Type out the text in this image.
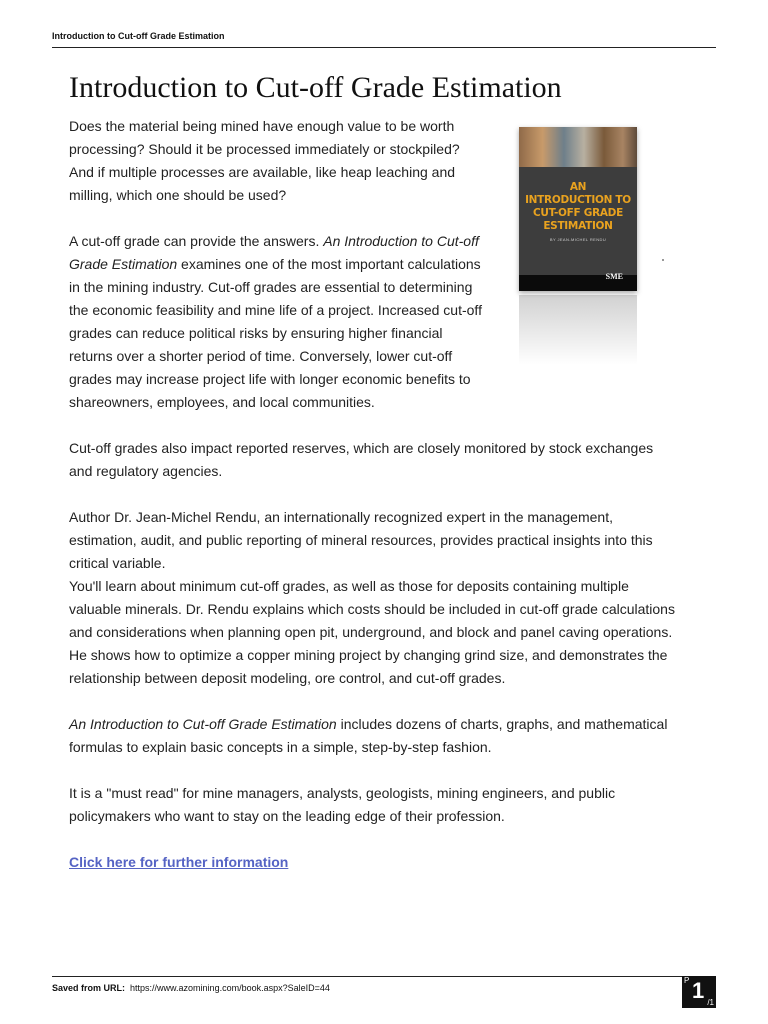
Introduction to Cut-off Grade Estimation
Introduction to Cut-off Grade Estimation
AN INTRODUCTION TO CUT-OFF GRADE ESTIMATION
BY JEAN-MICHEL RENDU
SME

Does the material being mined have enough value to be worth processing? Should it be processed immediately or stockpiled? And if multiple processes are available, like heap leaching and milling, which one should be used?

A cut-off grade can provide the answers. An Introduction to Cut-off Grade Estimation examines one of the most important calculations in the mining industry. Cut-off grades are essential to determining the economic feasibility and mine life of a project. Increased cut-off grades can reduce political risks by ensuring higher financial returns over a shorter period of time. Conversely, lower cut-off grades may increase project life with longer economic benefits to shareowners, employees, and local communities.

Cut-off grades also impact reported reserves, which are closely monitored by stock exchanges and regulatory agencies.

Author Dr. Jean-Michel Rendu, an internationally recognized expert in the management, estimation, audit, and public reporting of mineral resources, provides practical insights into this critical variable.

You'll learn about minimum cut-off grades, as well as those for deposits containing multiple valuable minerals. Dr. Rendu explains which costs should be included in cut-off grade calculations and considerations when planning open pit, underground, and block and panel caving operations. He shows how to optimize a copper mining project by changing grind size, and demonstrates the relationship between deposit modeling, ore control, and cut-off grades.

An Introduction to Cut-off Grade Estimation includes dozens of charts, graphs, and mathematical formulas to explain basic concepts in a simple, step-by-step fashion.

It is a "must read" for mine managers, analysts, geologists, mining engineers, and public policymakers who want to stay on the leading edge of their profession.

Click here for further information

Saved from URL: https://www.azomining.com/book.aspx?SaleID=44
P 1 /1
